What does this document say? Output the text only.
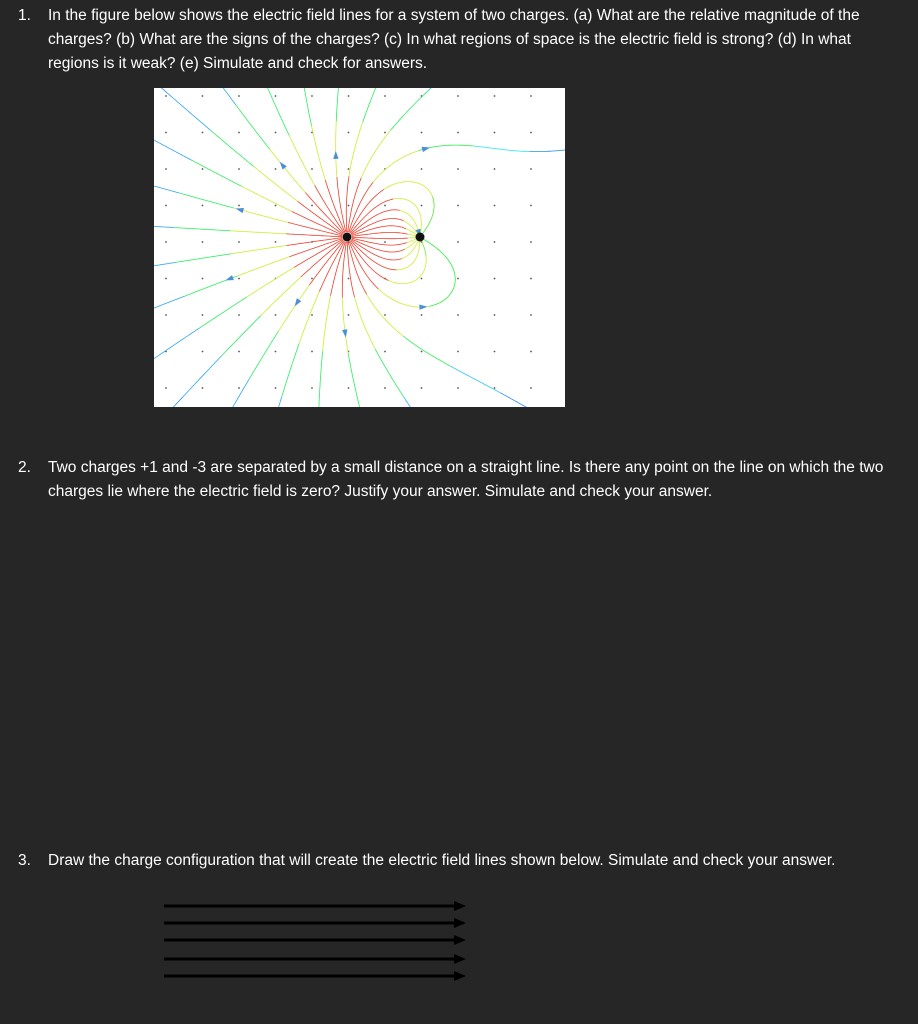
1. In the figure below shows the electric field lines for a system of two charges. (a) What are the relative magnitude of the charges? (b) What are the signs of the charges? (c) In what regions of space is the electric field is strong? (d) In what regions is it weak? (e) Simulate and check for answers.
2. Two charges +1 and -3 are separated by a small distance on a straight line. Is there any point on the line on which the two charges lie where the electric field is zero? Justify your answer. Simulate and check your answer.
3. Draw the charge configuration that will create the electric field lines shown below. Simulate and check your answer.
